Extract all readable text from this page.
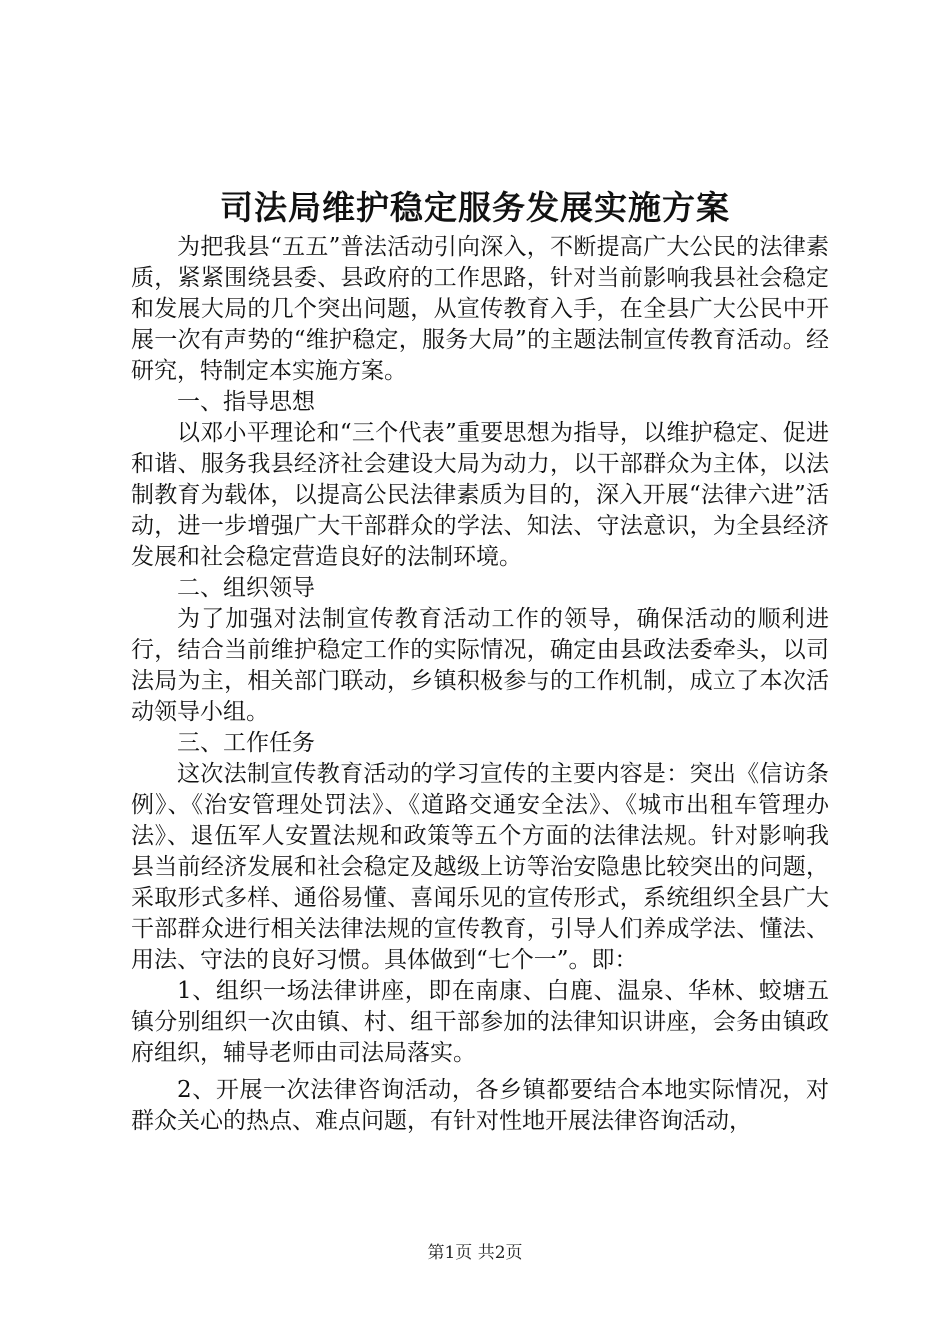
司法局维护稳定服务发展实施方案

为把我县“五五”普法活动引向深入，不断提高广大公民的法律素质，紧紧围绕县委、县政府的工作思路，针对当前影响我县社会稳定和发展大局的几个突出问题，从宣传教育入手，在全县广大公民中开展一次有声势的“维护稳定，服务大局”的主题法制宣传教育活动。经研究，特制定本实施方案。

一、指导思想

以邓小平理论和“三个代表”重要思想为指导，以维护稳定、促进和谐、服务我县经济社会建设大局为动力，以干部群众为主体，以法制教育为载体，以提高公民法律素质为目的，深入开展“法律六进”活动，进一步增强广大干部群众的学法、知法、守法意识，为全县经济发展和社会稳定营造良好的法制环境。

二、组织领导

为了加强对法制宣传教育活动工作的领导，确保活动的顺利进行，结合当前维护稳定工作的实际情况，确定由县政法委牵头，以司法局为主，相关部门联动，乡镇积极参与的工作机制，成立了本次活动领导小组。

三、工作任务

这次法制宣传教育活动的学习宣传的主要内容是：突出《信访条例》、《治安管理处罚法》、《道路交通安全法》、《城市出租车管理办法》、退伍军人安置法规和政策等五个方面的法律法规。针对影响我县当前经济发展和社会稳定及越级上访等治安隐患比较突出的问题，采取形式多样、通俗易懂、喜闻乐见的宣传形式，系统组织全县广大干部群众进行相关法律法规的宣传教育，引导人们养成学法、懂法、用法、守法的良好习惯。具体做到“七个一”。即：

1、组织一场法律讲座，即在南康、白鹿、温泉、华林、蛟塘五镇分别组织一次由镇、村、组干部参加的法律知识讲座，会务由镇政府组织，辅导老师由司法局落实。

2、开展一次法律咨询活动，各乡镇都要结合本地实际情况，对群众关心的热点、难点问题，有针对性地开展法律咨询活动，

第1页 共2页
